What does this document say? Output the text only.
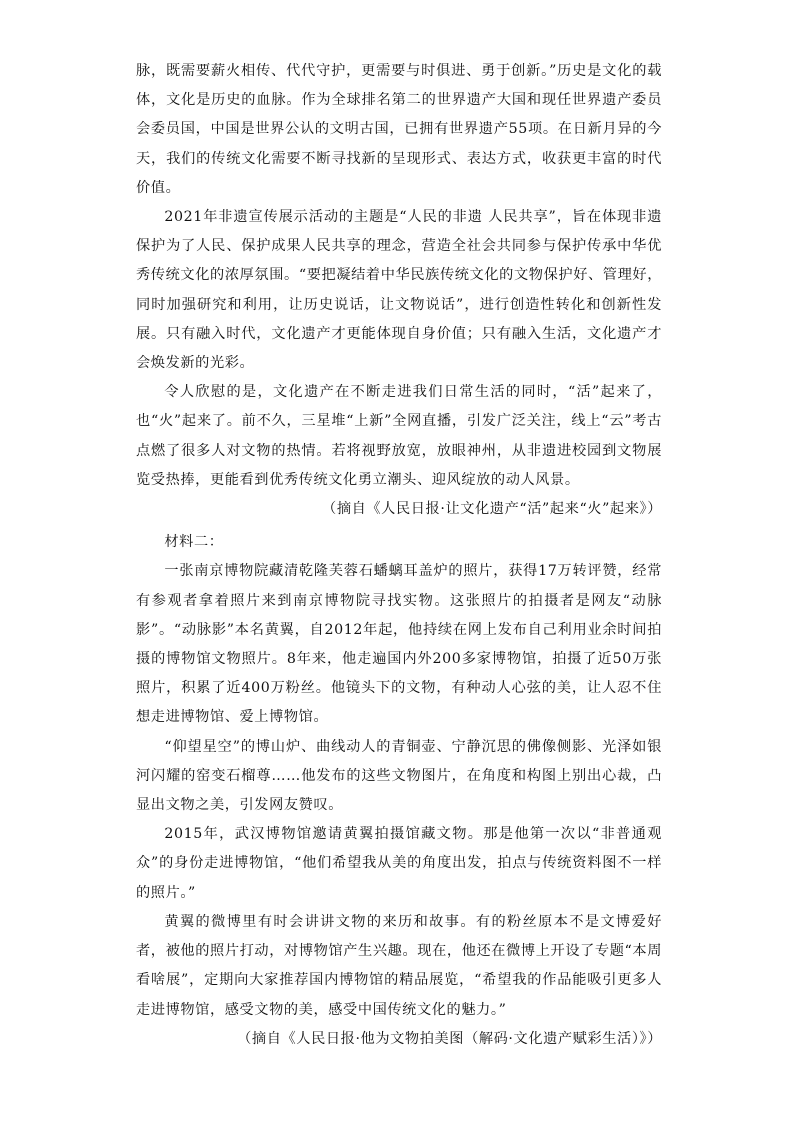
脉，既需要薪火相传、代代守护，更需要与时俱进、勇于创新。”历史是文化的载体，文化是历史的血脉。作为全球排名第二的世界遗产大国和现任世界遗产委员会委员国，中国是世界公认的文明古国，已拥有世界遗产55项。在日新月异的今天，我们的传统文化需要不断寻找新的呈现形式、表达方式，收获更丰富的时代价值。

2021年非遗宣传展示活动的主题是“人民的非遗 人民共享”，旨在体现非遗保护为了人民、保护成果人民共享的理念，营造全社会共同参与保护传承中华优秀传统文化的浓厚氛围。“要把凝结着中华民族传统文化的文物保护好、管理好，同时加强研究和利用，让历史说话，让文物说话”，进行创造性转化和创新性发展。只有融入时代，文化遗产才更能体现自身价值；只有融入生活，文化遗产才会焕发新的光彩。

令人欣慰的是，文化遗产在不断走进我们日常生活的同时，“活”起来了，也“火”起来了。前不久，三星堆“上新”全网直播，引发广泛关注，线上“云”考古点燃了很多人对文物的热情。若将视野放宽，放眼神州，从非遗进校园到文物展览受热捧，更能看到优秀传统文化勇立潮头、迎风绽放的动人风景。

（摘自《人民日报·让文化遗产“活”起来“火”起来》）

材料二：

一张南京博物院藏清乾隆芙蓉石蟠螭耳盖炉的照片，获得17万转评赞，经常有参观者拿着照片来到南京博物院寻找实物。这张照片的拍摄者是网友“动脉影”。“动脉影”本名黄翼，自2012年起，他持续在网上发布自己利用业余时间拍摄的博物馆文物照片。8年来，他走遍国内外200多家博物馆，拍摄了近50万张照片，积累了近400万粉丝。他镜头下的文物，有种动人心弦的美，让人忍不住想走进博物馆、爱上博物馆。

“仰望星空”的博山炉、曲线动人的青铜壶、宁静沉思的佛像侧影、光泽如银河闪耀的窑变石榴尊……他发布的这些文物图片，在角度和构图上别出心裁，凸显出文物之美，引发网友赞叹。

2015年，武汉博物馆邀请黄翼拍摄馆藏文物。那是他第一次以“非普通观众”的身份走进博物馆，“他们希望我从美的角度出发，拍点与传统资料图不一样的照片。”

黄翼的微博里有时会讲讲文物的来历和故事。有的粉丝原本不是文博爱好者，被他的照片打动，对博物馆产生兴趣。现在，他还在微博上开设了专题“本周看啥展”，定期向大家推荐国内博物馆的精品展览，“希望我的作品能吸引更多人走进博物馆，感受文物的美，感受中国传统文化的魅力。”

（摘自《人民日报·他为文物拍美图（解码·文化遗产赋彩生活）》）
